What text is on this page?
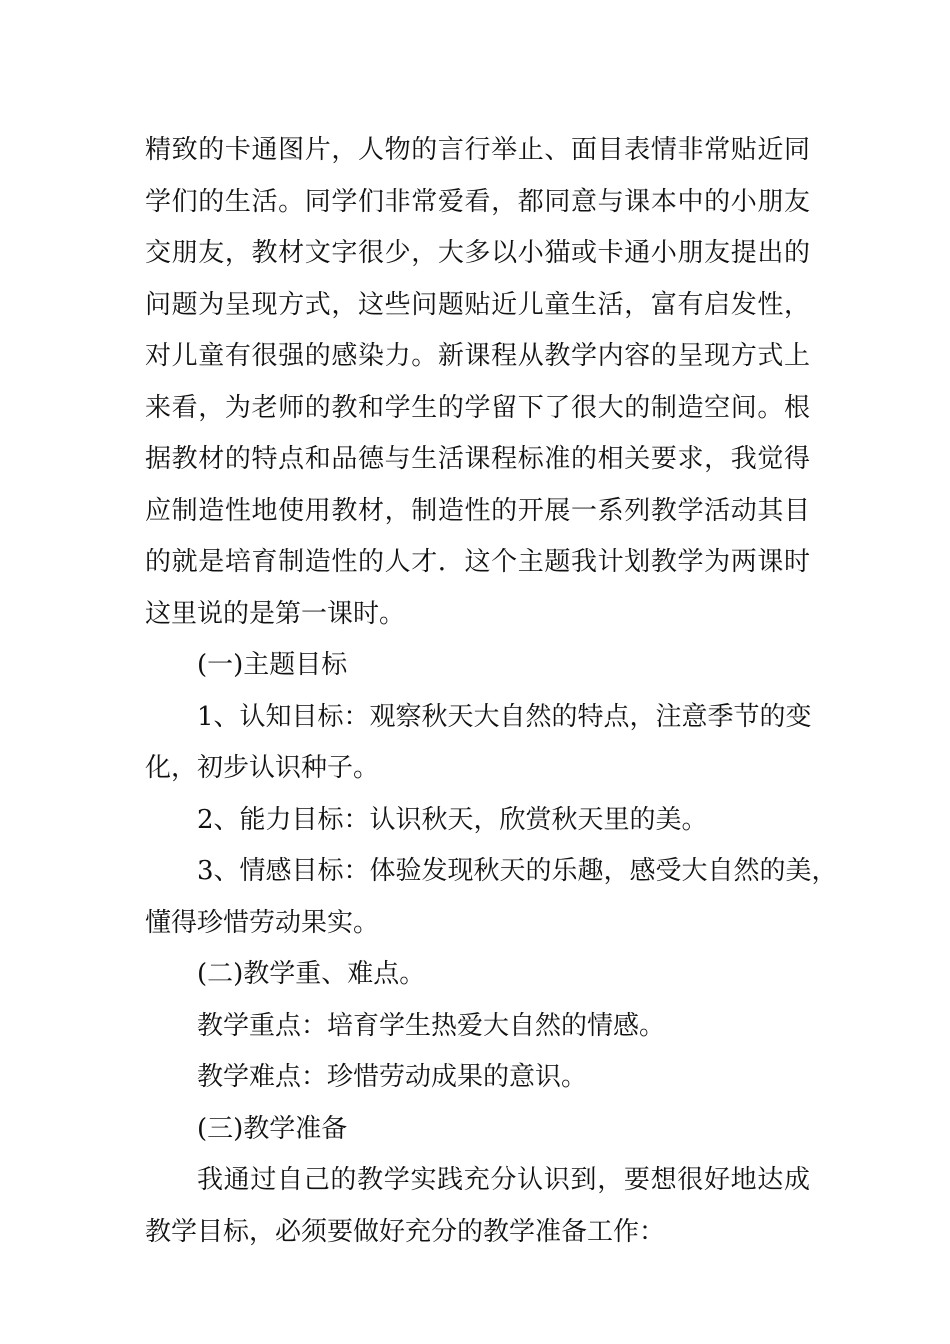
精致的卡通图片，人物的言行举止、面目表情非常贴近同
学们的生活。同学们非常爱看，都同意与课本中的小朋友
交朋友，教材文字很少，大多以小猫或卡通小朋友提出的
问题为呈现方式，这些问题贴近儿童生活，富有启发性，
对儿童有很强的感染力。新课程从教学内容的呈现方式上
来看，为老师的教和学生的学留下了很大的制造空间。根
据教材的特点和品德与生活课程标准的相关要求，我觉得
应制造性地使用教材，制造性的开展一系列教学活动其目
的就是培育制造性的人才．这个主题我计划教学为两课时
这里说的是第一课时。
(一)主题目标
1、认知目标：观察秋天大自然的特点，注意季节的变
化，初步认识种子。
2、能力目标：认识秋天，欣赏秋天里的美。
3、情感目标：体验发现秋天的乐趣，感受大自然的美，
懂得珍惜劳动果实。
(二)教学重、难点。
教学重点：培育学生热爱大自然的情感。
教学难点：珍惜劳动成果的意识。
(三)教学准备
我通过自己的教学实践充分认识到，要想很好地达成
教学目标，必须要做好充分的教学准备工作：
